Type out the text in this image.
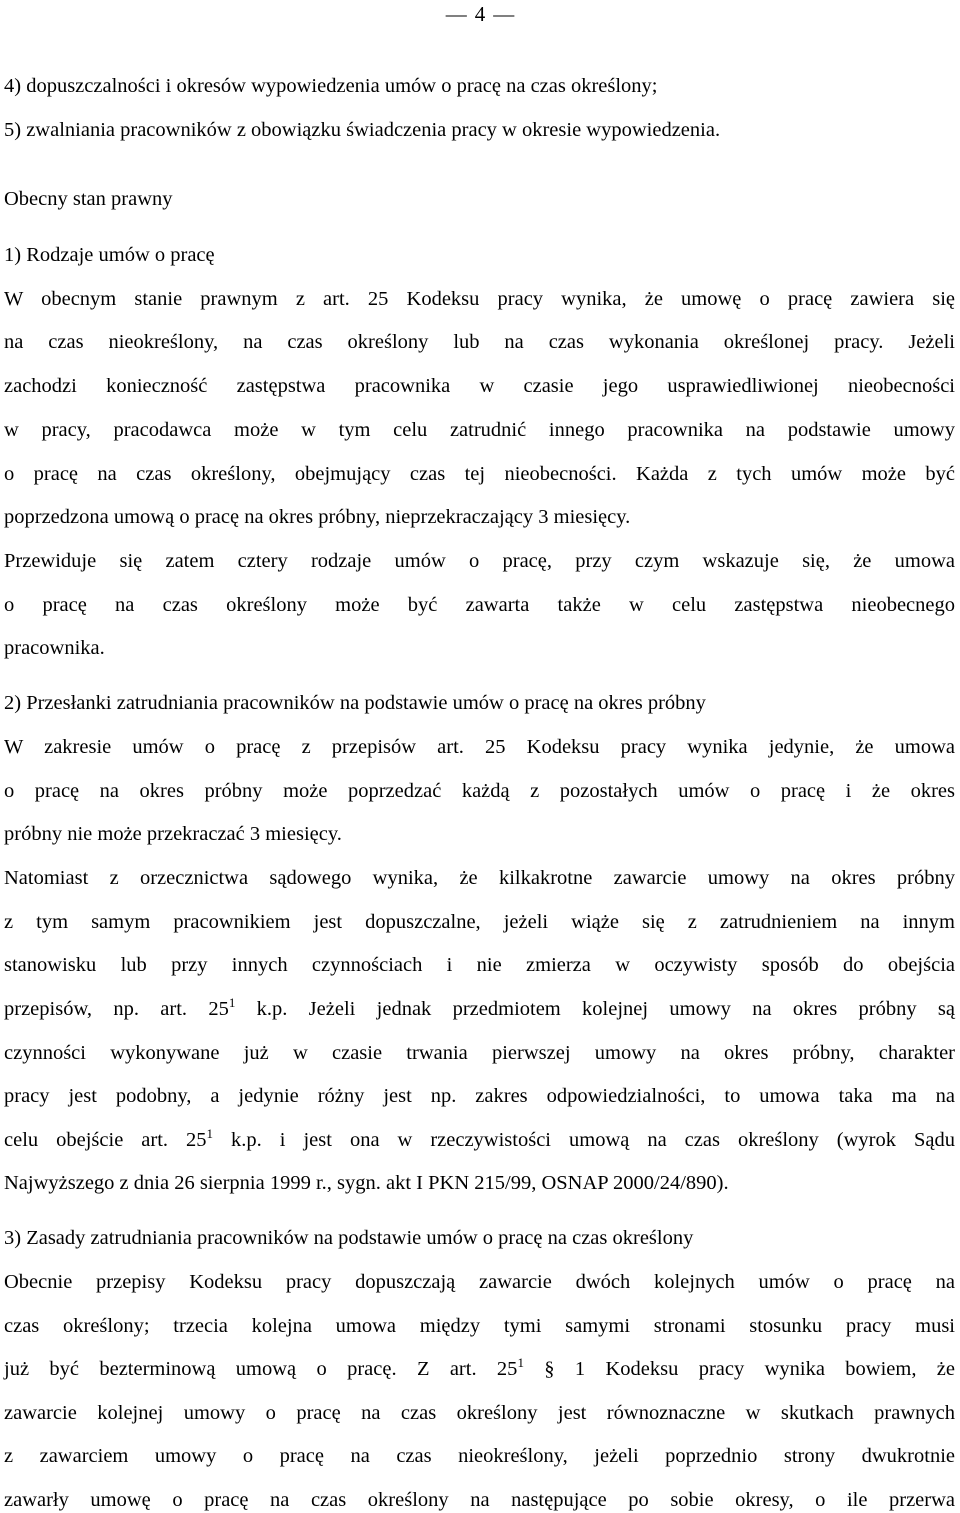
— 4 —
4) dopuszczalności i okresów wypowiedzenia umów o pracę na czas określony;
5) zwalniania pracowników z obowiązku świadczenia pracy w okresie wypowiedzenia.
Obecny stan prawny
1) Rodzaje umów o pracę
W obecnym stanie prawnym z art. 25 Kodeksu pracy wynika, że umowę o pracę zawiera się
na czas nieokreślony, na czas określony lub na czas wykonania określonej pracy. Jeżeli
zachodzi konieczność zastępstwa pracownika w czasie jego usprawiedliwionej nieobecności
w pracy, pracodawca może w tym celu zatrudnić innego pracownika na podstawie umowy
o pracę na czas określony, obejmujący czas tej nieobecności. Każda z tych umów może być
poprzedzona umową o pracę na okres próbny, nieprzekraczający 3 miesięcy.
Przewiduje się zatem cztery rodzaje umów o pracę, przy czym wskazuje się, że umowa
o pracę na czas określony może być zawarta także w celu zastępstwa nieobecnego
pracownika.
2) Przesłanki zatrudniania pracowników na podstawie umów o pracę na okres próbny
W zakresie umów o pracę z przepisów art. 25 Kodeksu pracy wynika jedynie, że umowa
o pracę na okres próbny może poprzedzać każdą z pozostałych umów o pracę i że okres
próbny nie może przekraczać 3 miesięcy.
Natomiast z orzecznictwa sądowego wynika, że kilkakrotne zawarcie umowy na okres próbny
z tym samym pracownikiem jest dopuszczalne, jeżeli wiąże się z zatrudnieniem na innym
stanowisku lub przy innych czynnościach i nie zmierza w oczywisty sposób do obejścia
przepisów, np. art. $25^1$ k.p. Jeżeli jednak przedmiotem kolejnej umowy na okres próbny są
czynności wykonywane już w czasie trwania pierwszej umowy na okres próbny, charakter
pracy jest podobny, a jedynie różny jest np. zakres odpowiedzialności, to umowa taka ma na
celu obejście art. $25^1$ k.p. i jest ona w rzeczywistości umową na czas określony (wyrok Sądu
Najwyższego z dnia 26 sierpnia 1999 r., sygn. akt I PKN 215/99, OSNAP 2000/24/890).
3) Zasady zatrudniania pracowników na podstawie umów o pracę na czas określony
Obecnie przepisy Kodeksu pracy dopuszczają zawarcie dwóch kolejnych umów o pracę na
czas określony; trzecia kolejna umowa między tymi samymi stronami stosunku pracy musi
już być bezterminową umową o pracę. Z art. $25^1$ § 1 Kodeksu pracy wynika bowiem, że
zawarcie kolejnej umowy o pracę na czas określony jest równoznaczne w skutkach prawnych
z zawarciem umowy o pracę na czas nieokreślony, jeżeli poprzednio strony dwukrotnie
zawarły umowę o pracę na czas określony na następujące po sobie okresy, o ile przerwa
